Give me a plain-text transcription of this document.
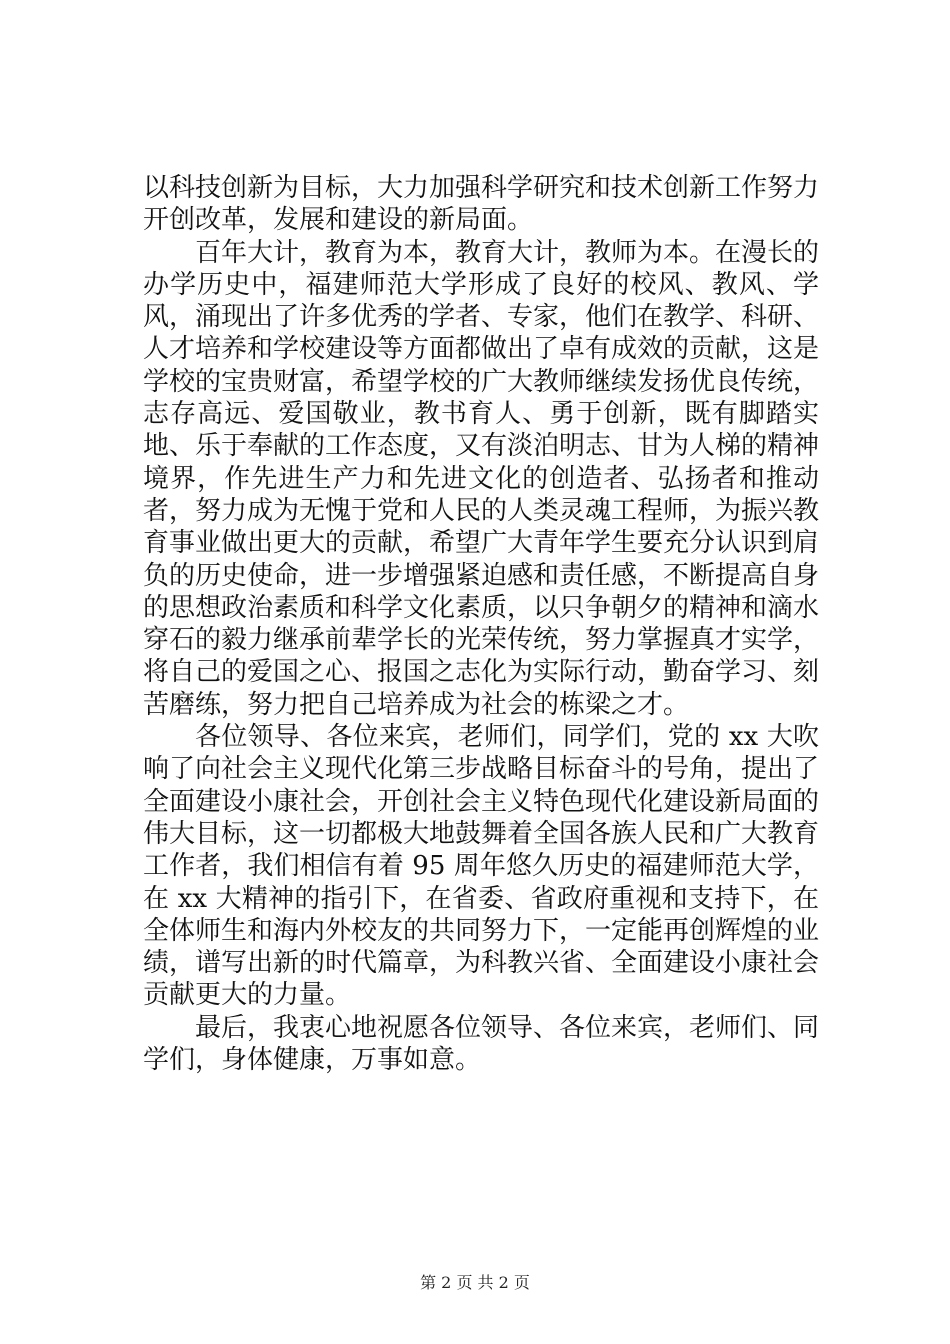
以科技创新为目标，大力加强科学研究和技术创新工作努力开创改革，发展和建设的新局面。

百年大计，教育为本，教育大计，教师为本。在漫长的办学历史中，福建师范大学形成了良好的校风、教风、学风，涌现出了许多优秀的学者、专家，他们在教学、科研、人才培养和学校建设等方面都做出了卓有成效的贡献，这是学校的宝贵财富，希望学校的广大教师继续发扬优良传统，志存高远、爱国敬业，教书育人、勇于创新，既有脚踏实地、乐于奉献的工作态度，又有淡泊明志、甘为人梯的精神境界，作先进生产力和先进文化的创造者、弘扬者和推动者，努力成为无愧于党和人民的人类灵魂工程师，为振兴教育事业做出更大的贡献，希望广大青年学生要充分认识到肩负的历史使命，进一步增强紧迫感和责任感，不断提高自身的思想政治素质和科学文化素质，以只争朝夕的精神和滴水穿石的毅力继承前辈学长的光荣传统，努力掌握真才实学，将自己的爱国之心、报国之志化为实际行动，勤奋学习、刻苦磨练，努力把自己培养成为社会的栋梁之才。

各位领导、各位来宾，老师们，同学们，党的 xx 大吹响了向社会主义现代化第三步战略目标奋斗的号角，提出了全面建设小康社会，开创社会主义特色现代化建设新局面的伟大目标，这一切都极大地鼓舞着全国各族人民和广大教育工作者，我们相信有着 95 周年悠久历史的福建师范大学，在 xx 大精神的指引下，在省委、省政府重视和支持下，在全体师生和海内外校友的共同努力下，一定能再创辉煌的业绩，谱写出新的时代篇章，为科教兴省、全面建设小康社会贡献更大的力量。

最后，我衷心地祝愿各位领导、各位来宾，老师们、同学们，身体健康，万事如意。

第 2 页 共 2 页
